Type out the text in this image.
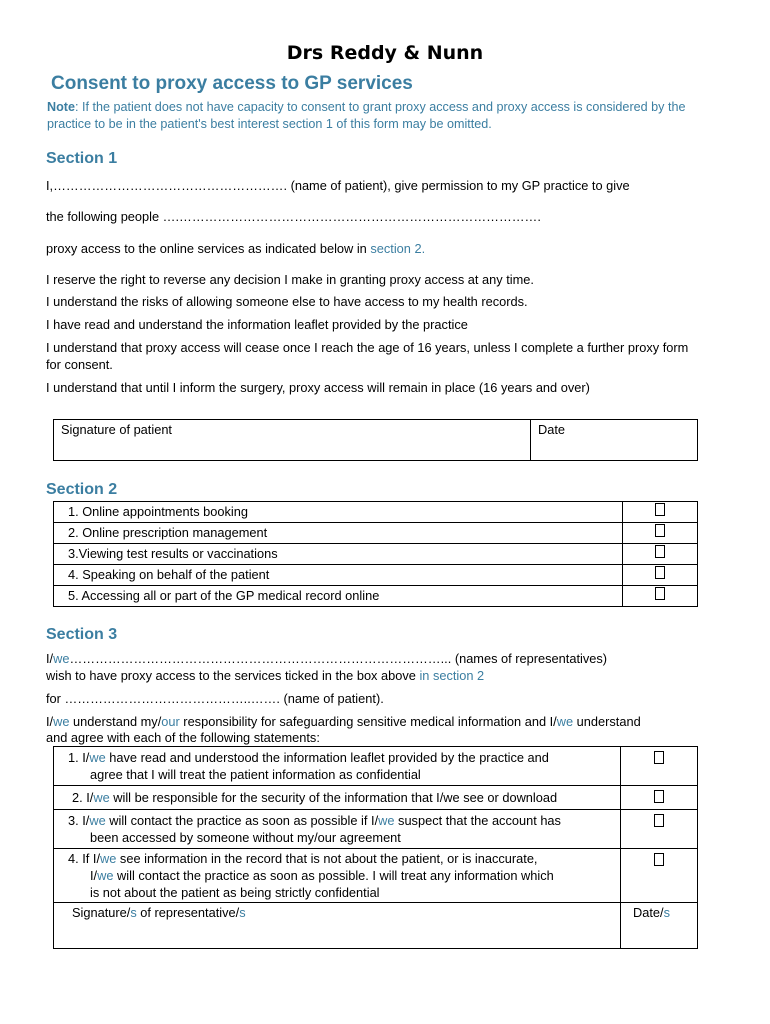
Drs Reddy & Nunn
Consent to proxy access to GP services
Note: If the patient does not have capacity to consent to grant proxy access and proxy access is considered by the practice to be in the patient's best interest section 1 of this form may be omitted.
Section 1
I,………………………………………………. (name of patient), give permission to my GP practice to give
the following people ….………………………………………………………………………….
proxy access to the online services as indicated below in section 2.
I reserve the right to reverse any decision I make in granting proxy access at any time.
I understand the risks of allowing someone else to have access to my health records.
I have read and understand the information leaflet provided by the practice
I understand that proxy access will cease once I reach the age of 16 years, unless I complete a further proxy form for consent.
I understand that until I inform the surgery, proxy access will remain in place (16 years and over)
Signature of patient	Date
Section 2
1. Online appointments booking	
2. Online prescription management	
3.Viewing test results or vaccinations	
4. Speaking on behalf of the patient	
5. Accessing all or part of the GP medical record online	
Section 3
I/we……………………………………………………………………………... (names of representatives)
wish to have proxy access to the services ticked in the box above in section 2
for ……………………………………..……. (name of patient).
I/we understand my/our responsibility for safeguarding sensitive medical information and I/we understand
and agree with each of the following statements:
1. I/we have read and understood the information leaflet provided by the practice and
agree that I will treat the patient information as confidential	

2. I/we will be responsible for the security of the information that I/we see or download	

3. I/we will contact the practice as soon as possible if I/we suspect that the account has
been accessed by someone without my/our agreement	

4. If I/we see information in the record that is not about the patient, or is inaccurate,
I/we will contact the practice as soon as possible. I will treat any information which
is not about the patient as being strictly confidential	

Signature/s of representative/s	Date/s
